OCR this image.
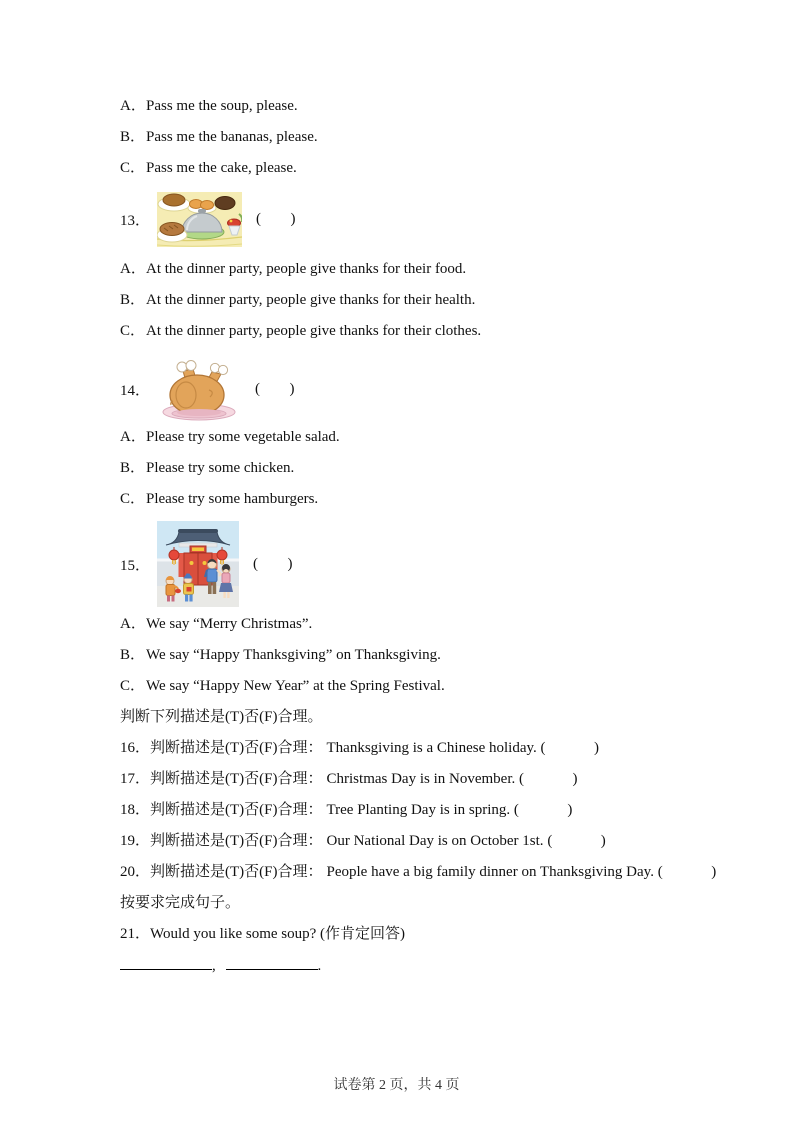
A．Pass me the soup, please.
B．Pass me the bananas, please.
C．Pass me the cake, please.
13．	(      )
A．At the dinner party, people give thanks for their food.
B．At the dinner party, people give thanks for their health.
C．At the dinner party, people give thanks for their clothes.
14．	(      )
A．Please try some vegetable salad.
B．Please try some chicken.
C．Please try some hamburgers.
15．	(      )
A．We say “Merry Christmas”.
B．We say “Happy Thanksgiving” on Thanksgiving.
C．We say “Happy New Year” at the Spring Festival.
判断下列描述是(T)否(F)合理。
16．判断描述是(T)否(F)合理： Thanksgiving is a Chinese holiday. (          )
17．判断描述是(T)否(F)合理： Christmas Day is in November. (          )
18．判断描述是(T)否(F)合理： Tree Planting Day is in spring. (          )
19．判断描述是(T)否(F)合理： Our National Day is on October 1st. (          )
20．判断描述是(T)否(F)合理： People have a big family dinner on Thanksgiving Day. (          )
按要求完成句子。
21．Would you like some soup? (作肯定回答)
,	.
试卷第 2 页，共 4 页
